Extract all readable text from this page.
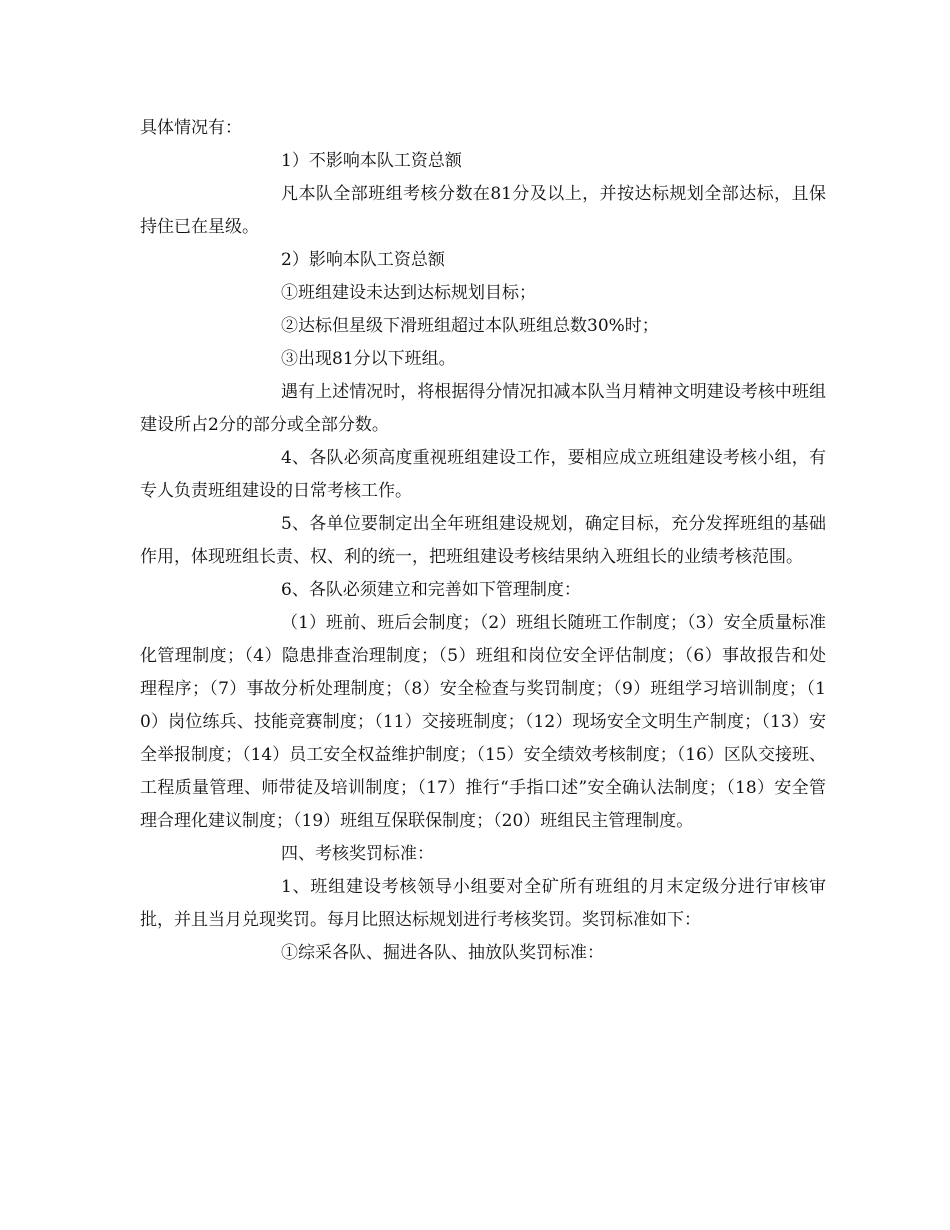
具体情况有：

1）不影响本队工资总额

凡本队全部班组考核分数在81分及以上，并按达标规划全部达标，且保持住已在星级。

2）影响本队工资总额

①班组建设未达到达标规划目标；

②达标但星级下滑班组超过本队班组总数30%时；

③出现81分以下班组。

遇有上述情况时，将根据得分情况扣减本队当月精神文明建设考核中班组建设所占2分的部分或全部分数。

4、各队必须高度重视班组建设工作，要相应成立班组建设考核小组，有专人负责班组建设的日常考核工作。

5、各单位要制定出全年班组建设规划，确定目标，充分发挥班组的基础作用，体现班组长责、权、利的统一，把班组建设考核结果纳入班组长的业绩考核范围。

6、各队必须建立和完善如下管理制度：

（1）班前、班后会制度；（2）班组长随班工作制度；（3）安全质量标准化管理制度；（4）隐患排查治理制度；（5）班组和岗位安全评估制度；（6）事故报告和处理程序；（7）事故分析处理制度；（8）安全检查与奖罚制度；（9）班组学习培训制度；（10）岗位练兵、技能竞赛制度；（11）交接班制度；（12）现场安全文明生产制度；（13）安全举报制度；（14）员工安全权益维护制度；（15）安全绩效考核制度；（16）区队交接班、工程质量管理、师带徒及培训制度；（17）推行“手指口述”安全确认法制度；（18）安全管理合理化建议制度；（19）班组互保联保制度；（20）班组民主管理制度。

四、考核奖罚标准：

1、班组建设考核领导小组要对全矿所有班组的月末定级分进行审核审批，并且当月兑现奖罚。每月比照达标规划进行考核奖罚。奖罚标准如下：

①综采各队、掘进各队、抽放队奖罚标准：
